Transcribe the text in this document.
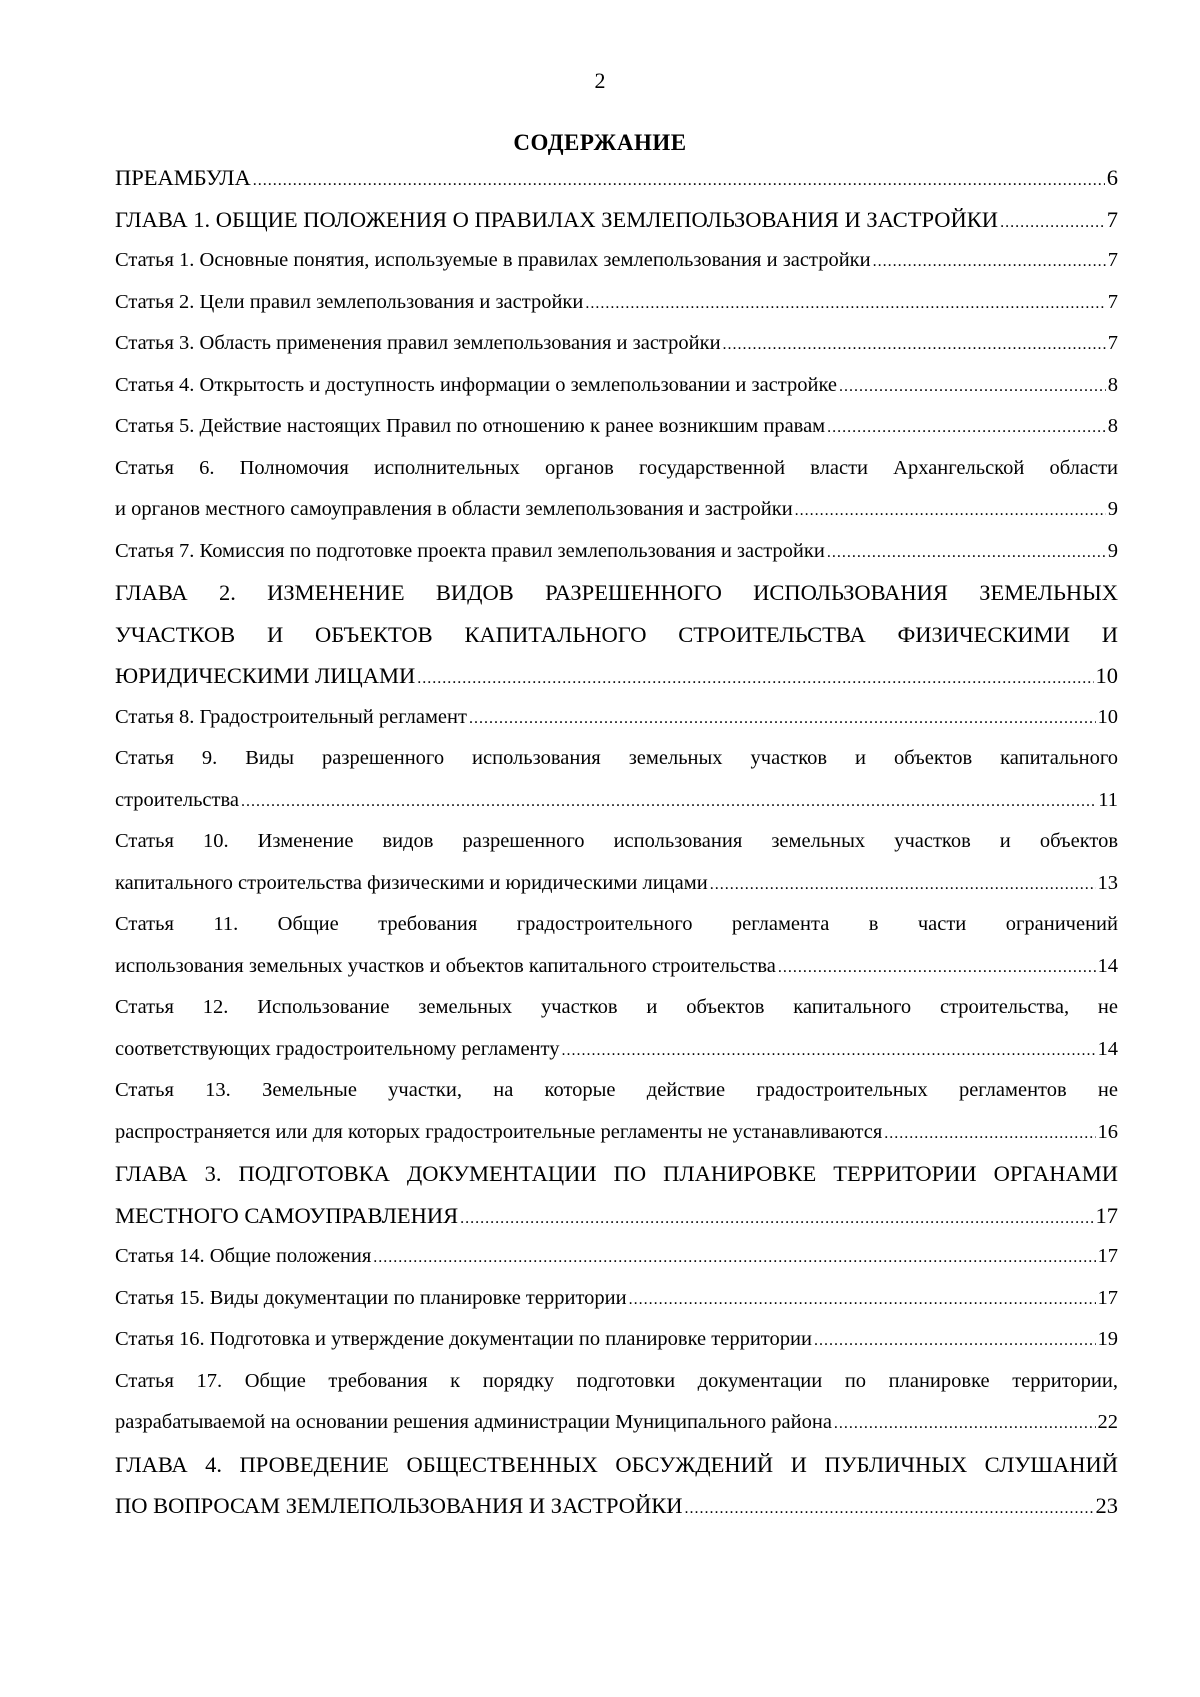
2
СОДЕРЖАНИЕ
ПРЕАМБУЛА .....	6
ГЛАВА 1. ОБЩИЕ ПОЛОЖЕНИЯ О ПРАВИЛАХ ЗЕМЛЕПОЛЬЗОВАНИЯ И ЗАСТРОЙКИ .....	7
Статья 1. Основные понятия, используемые в правилах землепользования и застройки .....	7
Статья 2. Цели правил землепользования и застройки .....	7
Статья 3. Область применения правил землепользования и застройки .....	7
Статья 4. Открытость и доступность информации о землепользовании и застройке .....	8
Статья 5. Действие настоящих Правил по отношению к ранее возникшим правам .....	8
Статья 6. Полномочия исполнительных органов государственной власти Архангельской области
и органов местного самоуправления в области землепользования и застройки .....	9
Статья 7. Комиссия по подготовке проекта правил землепользования и застройки .....	9
ГЛАВА 2. ИЗМЕНЕНИЕ ВИДОВ РАЗРЕШЕННОГО ИСПОЛЬЗОВАНИЯ ЗЕМЕЛЬНЫХ
УЧАСТКОВ И ОБЪЕКТОВ КАПИТАЛЬНОГО СТРОИТЕЛЬСТВА ФИЗИЧЕСКИМИ И
ЮРИДИЧЕСКИМИ ЛИЦАМИ .....	10
Статья 8. Градостроительный регламент .....	10
Статья 9. Виды разрешенного использования земельных участков и объектов капитального
строительства .....	11
Статья 10. Изменение видов разрешенного использования земельных участков и объектов
капитального строительства физическими и юридическими лицами .....	13
Статья 11. Общие требования градостроительного регламента в части ограничений
использования земельных участков и объектов капитального строительства .....	14
Статья 12. Использование земельных участков и объектов капитального строительства, не
соответствующих градостроительному регламенту .....	14
Статья 13. Земельные участки, на которые действие градостроительных регламентов не
распространяется или для которых градостроительные регламенты не устанавливаются .....	16
ГЛАВА 3. ПОДГОТОВКА ДОКУМЕНТАЦИИ ПО ПЛАНИРОВКЕ ТЕРРИТОРИИ ОРГАНАМИ
МЕСТНОГО САМОУПРАВЛЕНИЯ .....	17
Статья 14. Общие положения .....	17
Статья 15. Виды документации по планировке территории .....	17
Статья 16. Подготовка и утверждение документации по планировке территории .....	19
Статья 17. Общие требования к порядку подготовки документации по планировке территории,
разрабатываемой на основании решения администрации Муниципального района .....	22
ГЛАВА 4. ПРОВЕДЕНИЕ ОБЩЕСТВЕННЫХ ОБСУЖДЕНИЙ И ПУБЛИЧНЫХ СЛУШАНИЙ
ПО ВОПРОСАМ ЗЕМЛЕПОЛЬЗОВАНИЯ И ЗАСТРОЙКИ .....	23
